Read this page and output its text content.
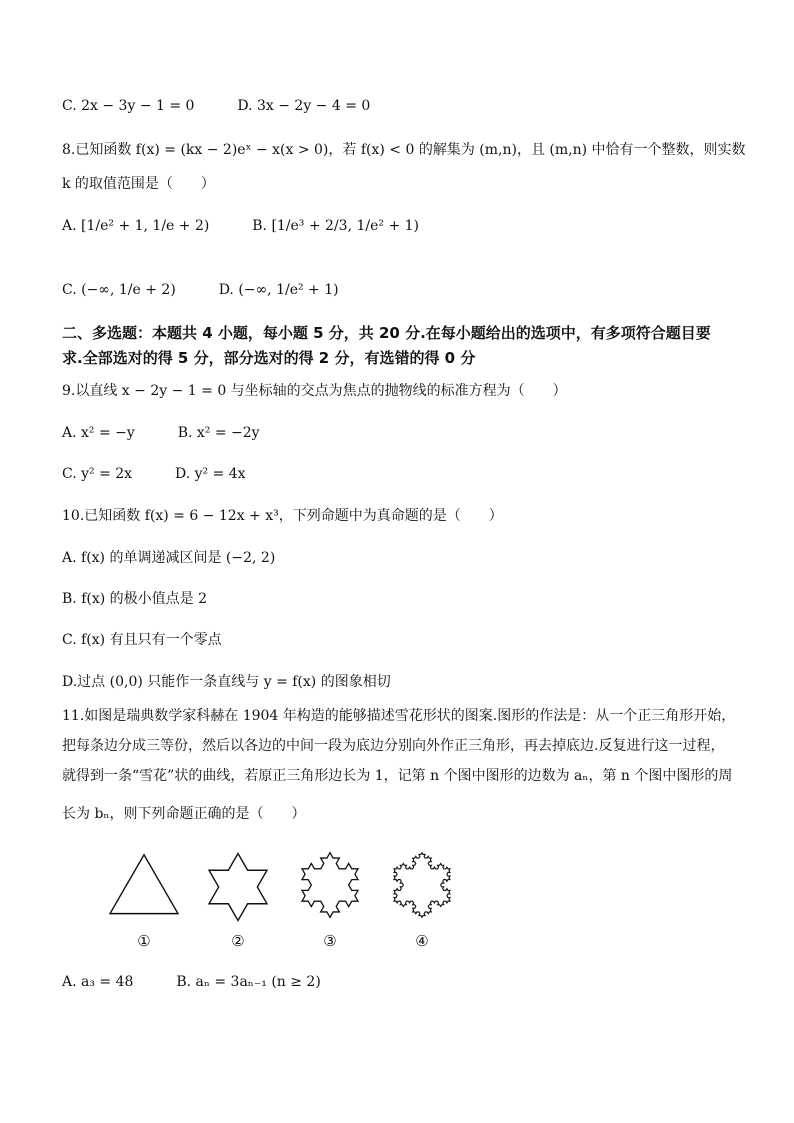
C. 2x − 3y − 1 = 0	D. 3x − 2y − 4 = 0
8.已知函数 f(x) = (kx − 2)eˣ − x(x > 0)，若 f(x) < 0 的解集为 (m,n)，且 (m,n) 中恰有一个整数，则实数
k 的取值范围是（　　）
A. [1/e² + 1, 1/e + 2)	B. [1/e³ + 2/3, 1/e² + 1)
C. (−∞, 1/e + 2)	D. (−∞, 1/e² + 1)
二、多选题：本题共 4 小题，每小题 5 分，共 20 分.在每小题给出的选项中，有多项符合题目要
求.全部选对的得 5 分，部分选对的得 2 分，有选错的得 0 分
9.以直线 x − 2y − 1 = 0 与坐标轴的交点为焦点的抛物线的标准方程为（　　）
A. x² = −y	B. x² = −2y
C. y² = 2x	D. y² = 4x
10.已知函数 f(x) = 6 − 12x + x³，下列命题中为真命题的是（　　）
A. f(x) 的单调递减区间是 (−2, 2)
B. f(x) 的极小值点是 2
C. f(x) 有且只有一个零点
D.过点 (0,0) 只能作一条直线与 y = f(x) 的图象相切
11.如图是瑞典数学家科赫在 1904 年构造的能够描述雪花形状的图案.图形的作法是：从一个正三角形开始，
把每条边分成三等份，然后以各边的中间一段为底边分别向外作正三角形，再去掉底边.反复进行这一过程，
就得到一条“雪花”状的曲线，若原正三角形边长为 1，记第 n 个图中图形的边数为 aₙ，第 n 个图中图形的周
长为 bₙ，则下列命题正确的是（　　）
①	②	③	④
A. a₃ = 48	B. aₙ = 3aₙ₋₁ (n ≥ 2)
